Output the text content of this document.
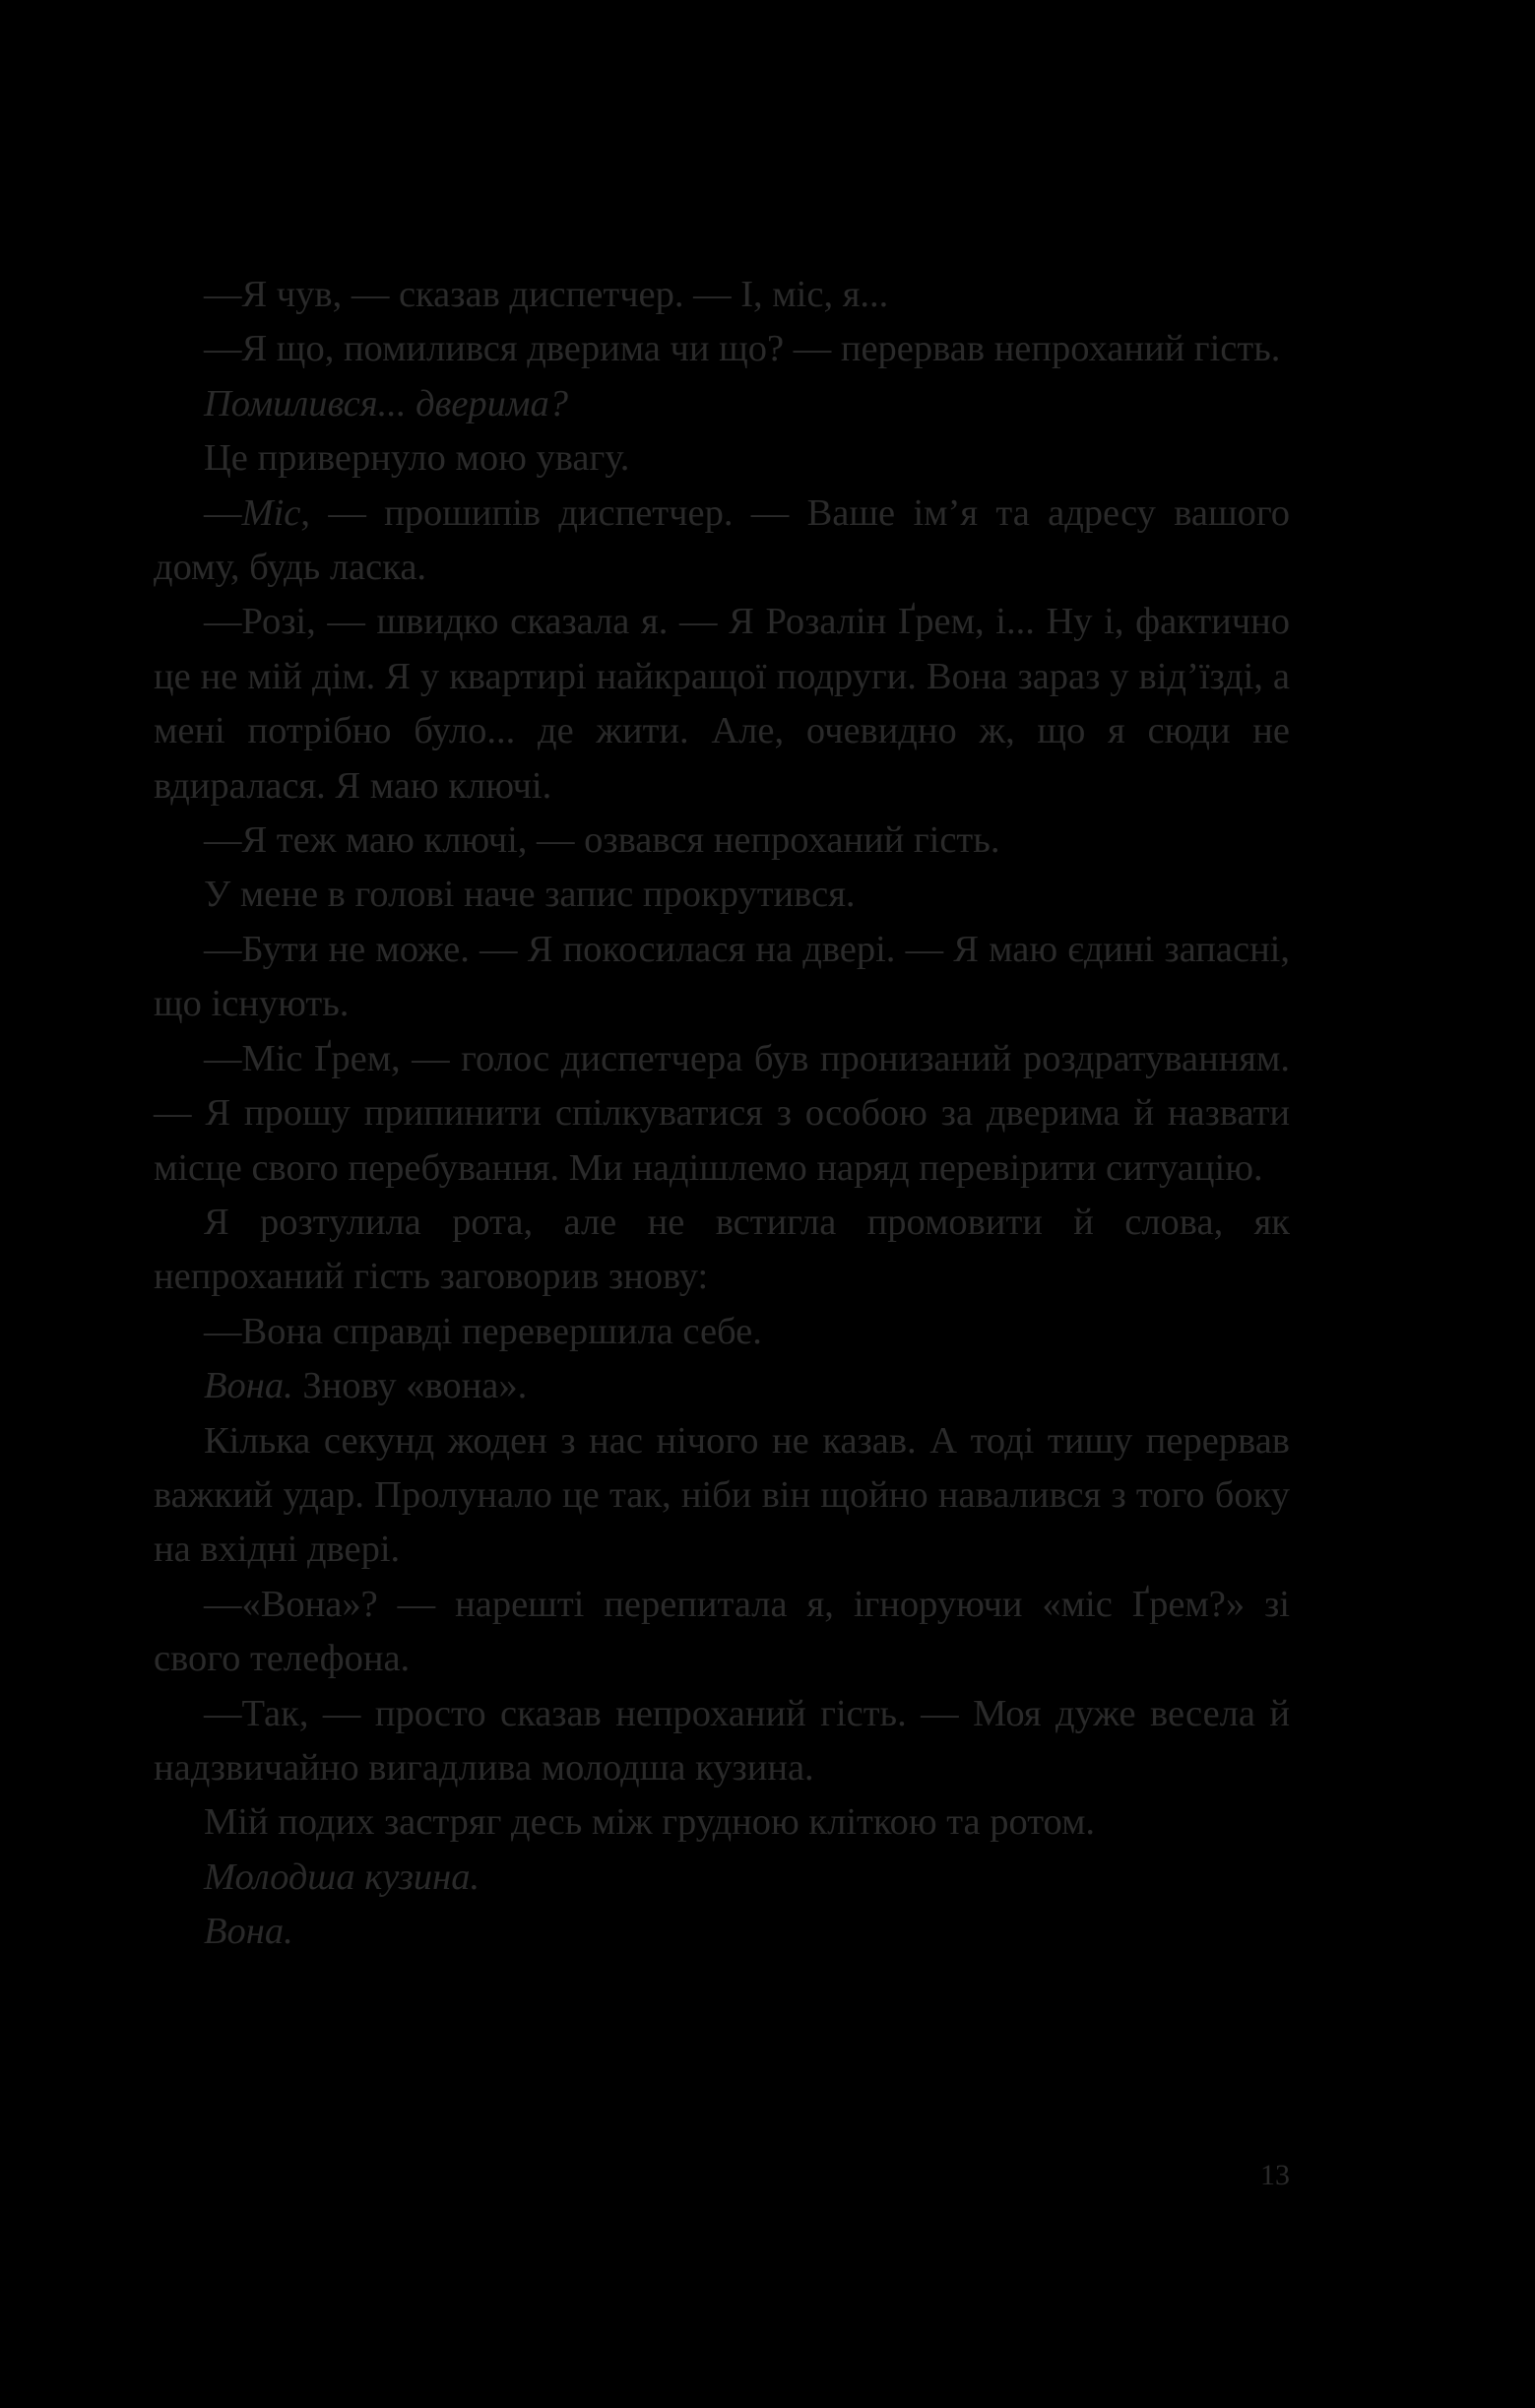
—Я чув, — сказав диспетчер. — І, міс, я...

—Я що, помилився дверима чи що? — перервав непроханий гість.

Помилився... дверима?

Це привернуло мою увагу.

—Міс, — прошипів диспетчер. — Ваше ім’я та адресу вашого дому, будь ласка.

—Розі, — швидко сказала я. — Я Розалін Ґрем, і... Ну і, фактично це не мій дім. Я у квартирі найкращої подруги. Вона зараз у від’їзді, а мені потрібно було... де жити. Але, очевидно ж, що я сюди не вдиралася. Я маю ключі.

—Я теж маю ключі, — озвався непроханий гість.

У мене в голові наче запис прокрутився.

—Бути не може. — Я покосилася на двері. — Я маю єдині запасні, що існують.

—Міс Ґрем, — голос диспетчера був пронизаний роздратуванням. — Я прошу припинити спілкуватися з особою за дверима й назвати місце свого перебування. Ми надішлемо наряд перевірити ситуацію.

Я розтулила рота, але не встигла промовити й слова, як непроханий гість заговорив знову:

—Вона справді перевершила себе.

Вона. Знову «вона».

Кілька секунд жоден з нас нічого не казав. А тоді тишу перервав важкий удар. Пролунало це так, ніби він щойно навалився з того боку на вхідні двері.

—«Вона»? — нарешті перепитала я, ігноруючи «міс Ґрем?» зі свого телефона.

—Так, — просто сказав непроханий гість. — Моя дуже весела й надзвичайно вигадлива молодша кузина.

Мій подих застряг десь між грудною кліткою та ротом.

Молодша кузина.

Вона.

13
